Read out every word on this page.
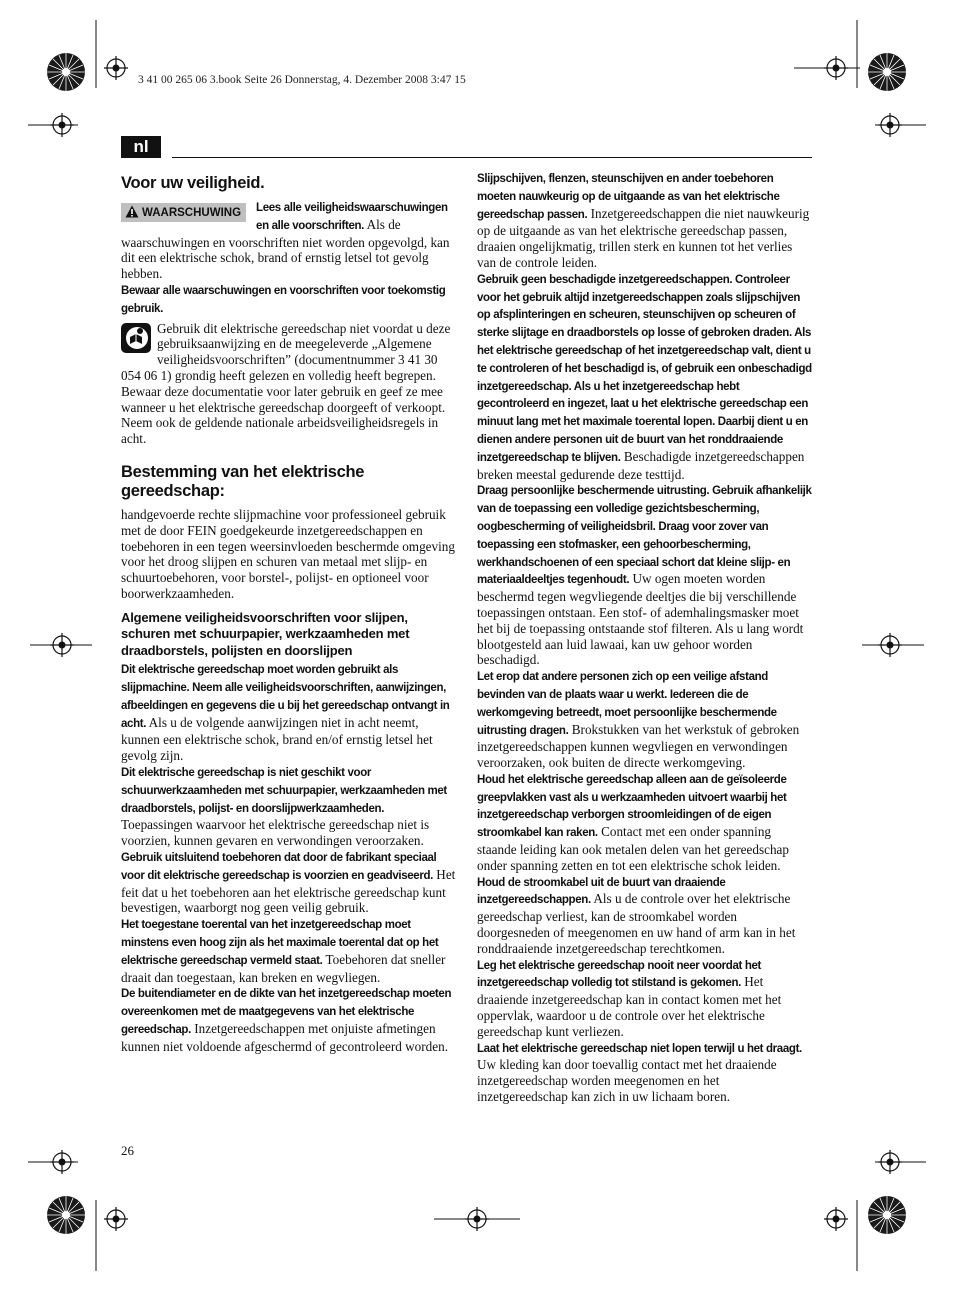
3 41 00 265 06 3.book Seite 26 Donnerstag, 4. Dezember 2008 3:47 15
nl
Voor uw veiligheid.
WAARSCHUWING	Lees alle veiligheidswaarschuwingen en alle voorschriften. Als de waarschuwingen en voorschriften niet worden opgevolgd, kan dit een elektrische schok, brand of ernstig letsel tot gevolg hebben.

Bewaar alle waarschuwingen en voorschriften voor toekomstig gebruik.

Gebruik dit elektrische gereedschap niet voordat u deze gebruiksaanwijzing en de meegeleverde „Algemene veiligheidsvoorschriften” (documentnummer 3 41 30 054 06 1) grondig heeft gelezen en volledig heeft begrepen. Bewaar deze documentatie voor later gebruik en geef ze mee wanneer u het elektrische gereedschap doorgeeft of verkoopt.

Neem ook de geldende nationale arbeidsveiligheidsregels in acht.

Bestemming van het elektrische gereedschap:

handgevoerde rechte slijpmachine voor professioneel gebruik met de door FEIN goedgekeurde inzetgereedschappen en toebehoren in een tegen weersinvloeden beschermde omgeving voor het droog slijpen en schuren van metaal met slijp- en schuurtoebehoren, voor borstel-, polijst- en optioneel voor boorwerkzaamheden.

Algemene veiligheidsvoorschriften voor slijpen, schuren met schuurpapier, werkzaamheden met draadborstels, polijsten en doorslijpen

Dit elektrische gereedschap moet worden gebruikt als slijpmachine. Neem alle veiligheidsvoorschriften, aanwijzingen, afbeeldingen en gegevens die u bij het gereedschap ontvangt in acht. Als u de volgende aanwijzingen niet in acht neemt, kunnen een elektrische schok, brand en/of ernstig letsel het gevolg zijn.

Dit elektrische gereedschap is niet geschikt voor schuurwerkzaamheden met schuurpapier, werkzaamheden met draadborstels, polijst- en doorslijpwerkzaamheden. Toepassingen waarvoor het elektrische gereedschap niet is voorzien, kunnen gevaren en verwondingen veroorzaken.

Gebruik uitsluitend toebehoren dat door de fabrikant speciaal voor dit elektrische gereedschap is voorzien en geadviseerd. Het feit dat u het toebehoren aan het elektrische gereedschap kunt bevestigen, waarborgt nog geen veilig gebruik.

Het toegestane toerental van het inzetgereedschap moet minstens even hoog zijn als het maximale toerental dat op het elektrische gereedschap vermeld staat. Toebehoren dat sneller draait dan toegestaan, kan breken en wegvliegen.

De buitendiameter en de dikte van het inzetgereedschap moeten overeenkomen met de maatgegevens van het elektrische gereedschap. Inzetgereedschappen met onjuiste afmetingen kunnen niet voldoende afgeschermd of gecontroleerd worden.

Slijpschijven, flenzen, steunschijven en ander toebehoren moeten nauwkeurig op de uitgaande as van het elektrische gereedschap passen. Inzetgereedschappen die niet nauwkeurig op de uitgaande as van het elektrische gereedschap passen, draaien ongelijkmatig, trillen sterk en kunnen tot het verlies van de controle leiden.

Gebruik geen beschadigde inzetgereedschappen. Controleer voor het gebruik altijd inzetgereedschappen zoals slijpschijven op afsplinteringen en scheuren, steunschijven op scheuren of sterke slijtage en draadborstels op losse of gebroken draden. Als het elektrische gereedschap of het inzetgereedschap valt, dient u te controleren of het beschadigd is, of gebruik een onbeschadigd inzetgereedschap. Als u het inzetgereedschap hebt gecontroleerd en ingezet, laat u het elektrische gereedschap een minuut lang met het maximale toerental lopen. Daarbij dient u en dienen andere personen uit de buurt van het ronddraaiende inzetgereedschap te blijven. Beschadigde inzetgereedschappen breken meestal gedurende deze testtijd.

Draag persoonlijke beschermende uitrusting. Gebruik afhankelijk van de toepassing een volledige gezichtsbescherming, oogbescherming of veiligheidsbril. Draag voor zover van toepassing een stofmasker, een gehoorbescherming, werkhandschoenen of een speciaal schort dat kleine slijp- en materiaaldeeltjes tegenhoudt. Uw ogen moeten worden beschermd tegen wegvliegende deeltjes die bij verschillende toepassingen ontstaan. Een stof- of ademhalingsmasker moet het bij de toepassing ontstaande stof filteren. Als u lang wordt blootgesteld aan luid lawaai, kan uw gehoor worden beschadigd.

Let erop dat andere personen zich op een veilige afstand bevinden van de plaats waar u werkt. Iedereen die de werkomgeving betreedt, moet persoonlijke beschermende uitrusting dragen. Brokstukken van het werkstuk of gebroken inzetgereedschappen kunnen wegvliegen en verwondingen veroorzaken, ook buiten de directe werkomgeving.

Houd het elektrische gereedschap alleen aan de geïsoleerde greepvlakken vast als u werkzaamheden uitvoert waarbij het inzetgereedschap verborgen stroomleidingen of de eigen stroomkabel kan raken. Contact met een onder spanning staande leiding kan ook metalen delen van het gereedschap onder spanning zetten en tot een elektrische schok leiden.

Houd de stroomkabel uit de buurt van draaiende inzetgereedschappen. Als u de controle over het elektrische gereedschap verliest, kan de stroomkabel worden doorgesneden of meegenomen en uw hand of arm kan in het ronddraaiende inzetgereedschap terechtkomen.

Leg het elektrische gereedschap nooit neer voordat het inzetgereedschap volledig tot stilstand is gekomen. Het draaiende inzetgereedschap kan in contact komen met het oppervlak, waardoor u de controle over het elektrische gereedschap kunt verliezen.

Laat het elektrische gereedschap niet lopen terwijl u het draagt. Uw kleding kan door toevallig contact met het draaiende inzetgereedschap worden meegenomen en het inzetgereedschap kan zich in uw lichaam boren.

26
